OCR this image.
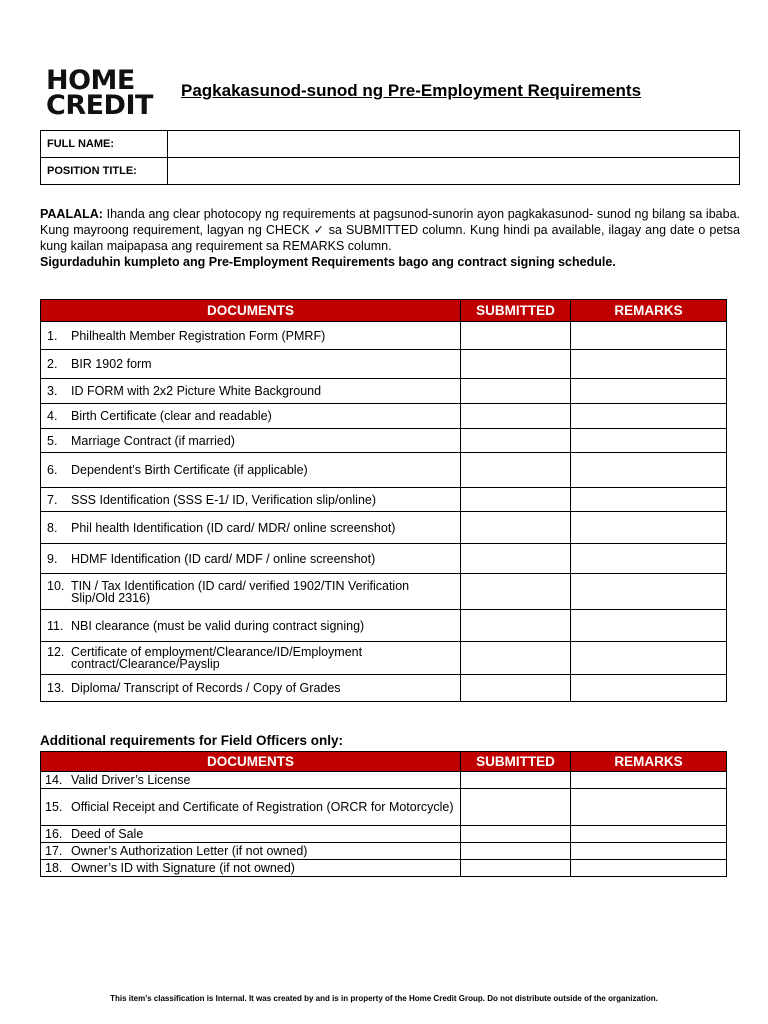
HOME
CREDIT	Pagkakasunod-sunod ng Pre-Employment Requirements
FULL NAME:	
POSITION TITLE:	
PAALALA: Ihanda ang clear photocopy ng requirements at pagsunod-sunorin ayon pagkakasunod- sunod ng bilang sa ibaba. Kung mayroong requirement, lagyan ng CHECK ✓ sa SUBMITTED column. Kung hindi pa available, ilagay ang date o petsa kung kailan maipapasa ang requirement sa REMARKS column.
Sigurdaduhin kumpleto ang Pre-Employment Requirements bago ang contract signing schedule.
DOCUMENTS	SUBMITTED	REMARKS

1. Philhealth Member Registration Form (PMRF)		

2. BIR 1902 form		

3. ID FORM with 2x2 Picture White Background		

4. Birth Certificate (clear and readable)		

5. Marriage Contract (if married)		

6. Dependent’s Birth Certificate (if applicable)		

7. SSS Identification (SSS E-1/ ID, Verification slip/online)		

8. Phil health Identification (ID card/ MDR/ online screenshot)		

9. HDMF Identification (ID card/ MDF / online screenshot)		

10. TIN / Tax Identification (ID card/ verified 1902/TIN Verification Slip/Old 2316)		

11. NBI clearance (must be valid during contract signing)		

12. Certificate of employment/Clearance/ID/Employment contract/Clearance/Payslip		

13. Diploma/ Transcript of Records / Copy of Grades		

Additional requirements for Field Officers only:
DOCUMENTS	SUBMITTED	REMARKS

14. Valid Driver’s License		

15. Official Receipt and Certificate of Registration (ORCR for Motorcycle)		

16. Deed of Sale		

17. Owner’s Authorization Letter (if not owned)		

18. Owner’s ID with Signature (if not owned)		

This item's classification is Internal. It was created by and is in property of the Home Credit Group. Do not distribute outside of the organization.
